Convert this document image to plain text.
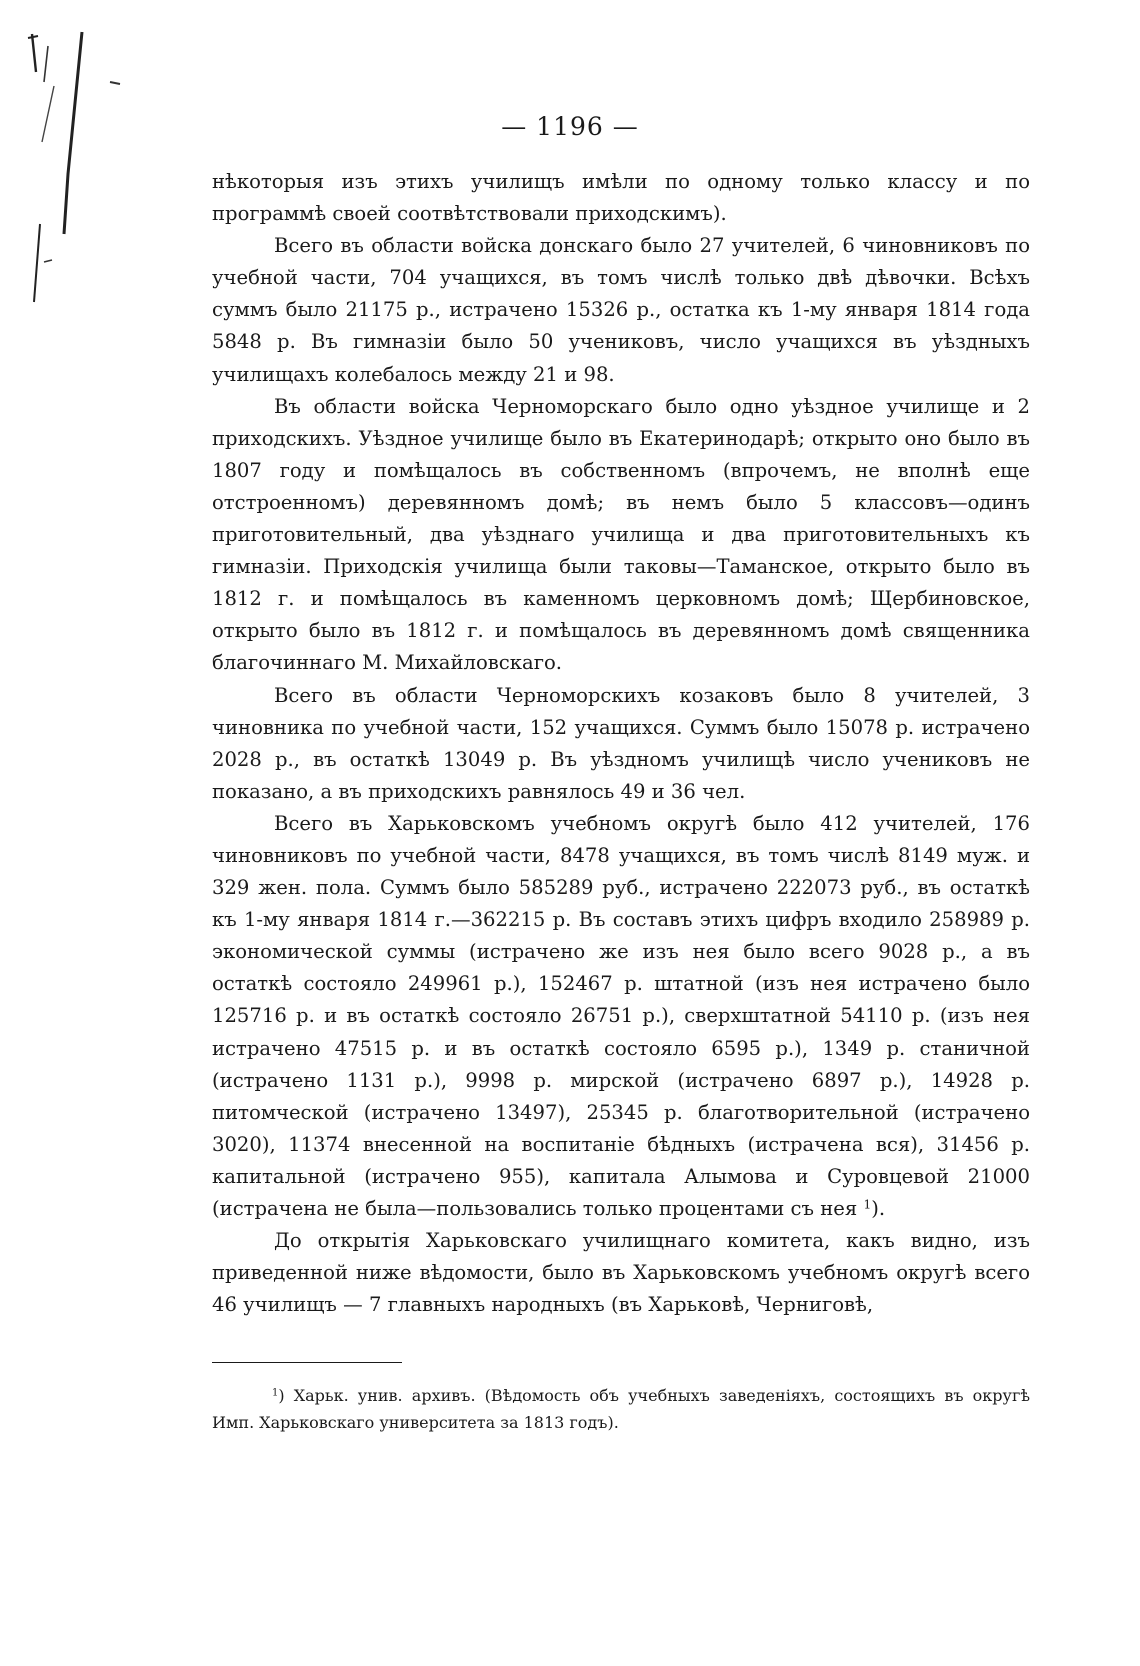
— 1196 —

нѣкоторыя изъ этихъ училищъ имѣли по одному только классу и по программѣ своей соотвѣтствовали приходскимъ).

Всего въ области войска донскаго было 27 учителей, 6 чиновниковъ по учебной части, 704 учащихся, въ томъ числѣ только двѣ дѣвочки. Всѣхъ суммъ было 21175 р., истрачено 15326 р., остатка къ 1-му января 1814 года 5848 р. Въ гимназіи было 50 учениковъ, число учащихся въ уѣздныхъ училищахъ колебалось между 21 и 98.

Въ области войска Черноморскаго было одно уѣздное училище и 2 приходскихъ. Уѣздное училище было въ Екатеринодарѣ; открыто оно было въ 1807 году и помѣщалось въ собственномъ (впрочемъ, не вполнѣ еще отстроенномъ) деревянномъ домѣ; въ немъ было 5 классовъ—одинъ приготовительный, два уѣзднаго училища и два приготовительныхъ къ гимназіи. Приходскія училища были таковы—Таманское, открыто было въ 1812 г. и помѣщалось въ каменномъ церковномъ домѣ; Щербиновское, открыто было въ 1812 г. и помѣщалось въ деревянномъ домѣ священника благочиннаго М. Михайловскаго.

Всего въ области Черноморскихъ козаковъ было 8 учителей, 3 чиновника по учебной части, 152 учащихся. Суммъ было 15078 р. истрачено 2028 р., въ остаткѣ 13049 р. Въ уѣздномъ училищѣ число учениковъ не показано, а въ приходскихъ равнялось 49 и 36 чел.

Всего въ Харьковскомъ учебномъ округѣ было 412 учителей, 176 чиновниковъ по учебной части, 8478 учащихся, въ томъ числѣ 8149 муж. и 329 жен. пола. Суммъ было 585289 руб., истрачено 222073 руб., въ остаткѣ къ 1-му января 1814 г.—362215 р. Въ составъ этихъ цифръ входило 258989 р. экономической суммы (истрачено же изъ нея было всего 9028 р., а въ остаткѣ состояло 249961 р.), 152467 р. штатной (изъ нея истрачено было 125716 р. и въ остаткѣ состояло 26751 р.), сверхштатной 54110 р. (изъ нея истрачено 47515 р. и въ остаткѣ состояло 6595 р.), 1349 р. станичной (истрачено 1131 р.), 9998 р. мирской (истрачено 6897 р.), 14928 р. питомческой (истрачено 13497), 25345 р. благотворительной (истрачено 3020), 11374 внесенной на воспитаніе бѣдныхъ (истрачена вся), 31456 р. капитальной (истрачено 955), капитала Алымова и Суровцевой 21000 (истрачена не была—пользовались только процентами съ нея $^1$).

До открытія Харьковскаго училищнаго комитета, какъ видно, изъ приведенной ниже вѣдомости, было въ Харьковскомъ учебномъ округѣ всего 46 училищъ — 7 главныхъ народныхъ (въ Харьковѣ, Черниговѣ,

$^1$) Харьк. унив. архивъ. (Вѣдомость объ учебныхъ заведеніяхъ, состоящихъ въ округѣ Имп. Харьковскаго университета за 1813 годъ).
